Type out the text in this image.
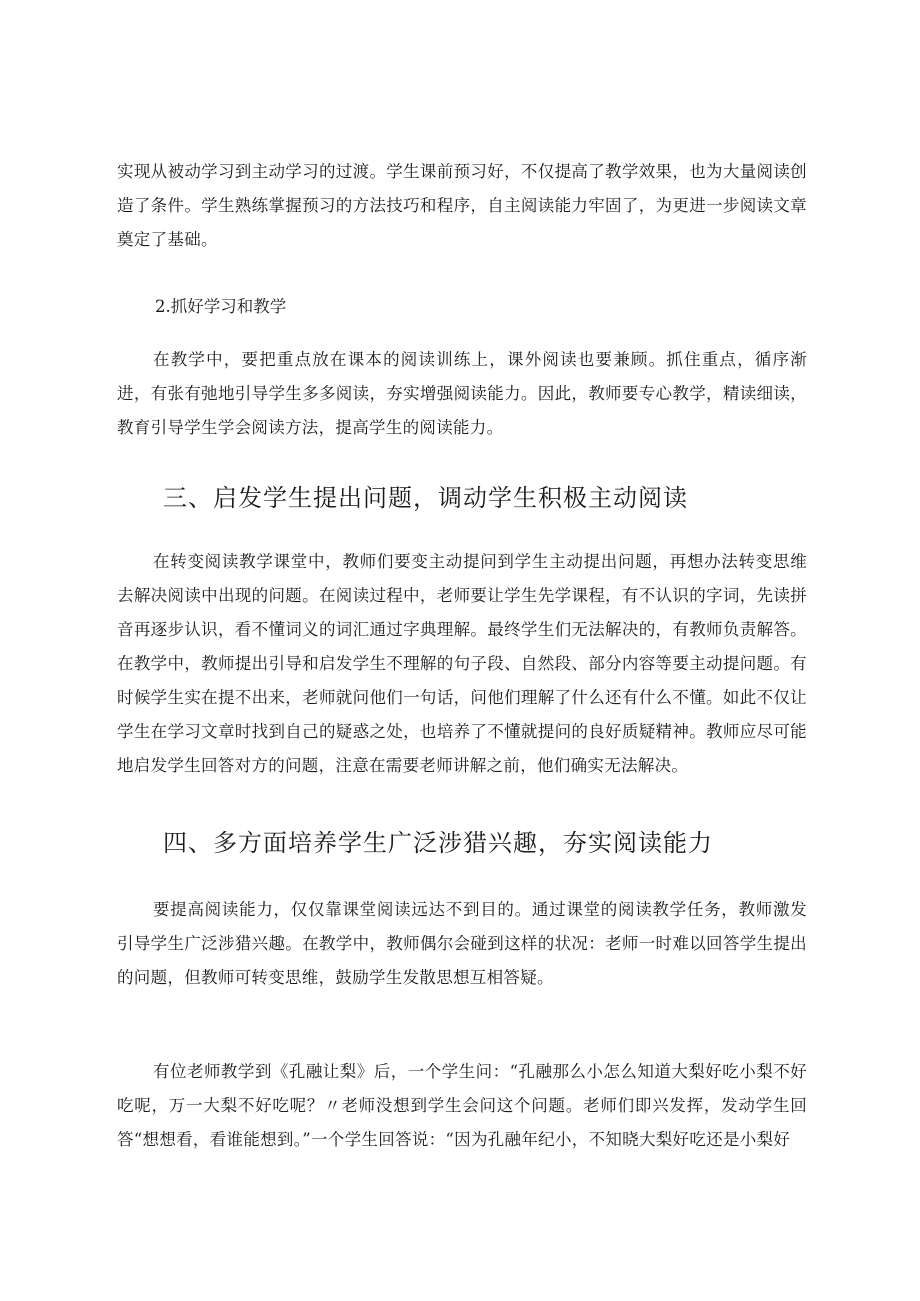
实现从被动学习到主动学习的过渡。学生课前预习好，不仅提高了教学效果，也为大量阅读创造了条件。学生熟练掌握预习的方法技巧和程序，自主阅读能力牢固了，为更进一步阅读文章奠定了基础。

2.抓好学习和教学

在教学中，要把重点放在课本的阅读训练上，课外阅读也要兼顾。抓住重点，循序渐进，有张有弛地引导学生多多阅读，夯实增强阅读能力。因此，教师要专心教学，精读细读，教育引导学生学会阅读方法，提高学生的阅读能力。

三、启发学生提出问题，调动学生积极主动阅读

在转变阅读教学课堂中，教师们要变主动提问到学生主动提出问题，再想办法转变思维去解决阅读中出现的问题。在阅读过程中，老师要让学生先学课程，有不认识的字词，先读拼音再逐步认识，看不懂词义的词汇通过字典理解。最终学生们无法解决的，有教师负责解答。在教学中，教师提出引导和启发学生不理解的句子段、自然段、部分内容等要主动提问题。有时候学生实在提不出来，老师就问他们一句话，问他们理解了什么还有什么不懂。如此不仅让学生在学习文章时找到自己的疑惑之处，也培养了不懂就提问的良好质疑精神。教师应尽可能地启发学生回答对方的问题，注意在需要老师讲解之前，他们确实无法解决。

四、多方面培养学生广泛涉猎兴趣，夯实阅读能力

要提高阅读能力，仅仅靠课堂阅读远达不到目的。通过课堂的阅读教学任务，教师激发引导学生广泛涉猎兴趣。在教学中，教师偶尔会碰到这样的状况：老师一时难以回答学生提出的问题，但教师可转变思维，鼓励学生发散思想互相答疑。

有位老师教学到《孔融让梨》后，一个学生问：“孔融那么小怎么知道大梨好吃小梨不好吃呢，万一大梨不好吃呢？〃老师没想到学生会问这个问题。老师们即兴发挥，发动学生回答“想想看，看谁能想到。”一个学生回答说：“因为孔融年纪小，不知晓大梨好吃还是小梨好
